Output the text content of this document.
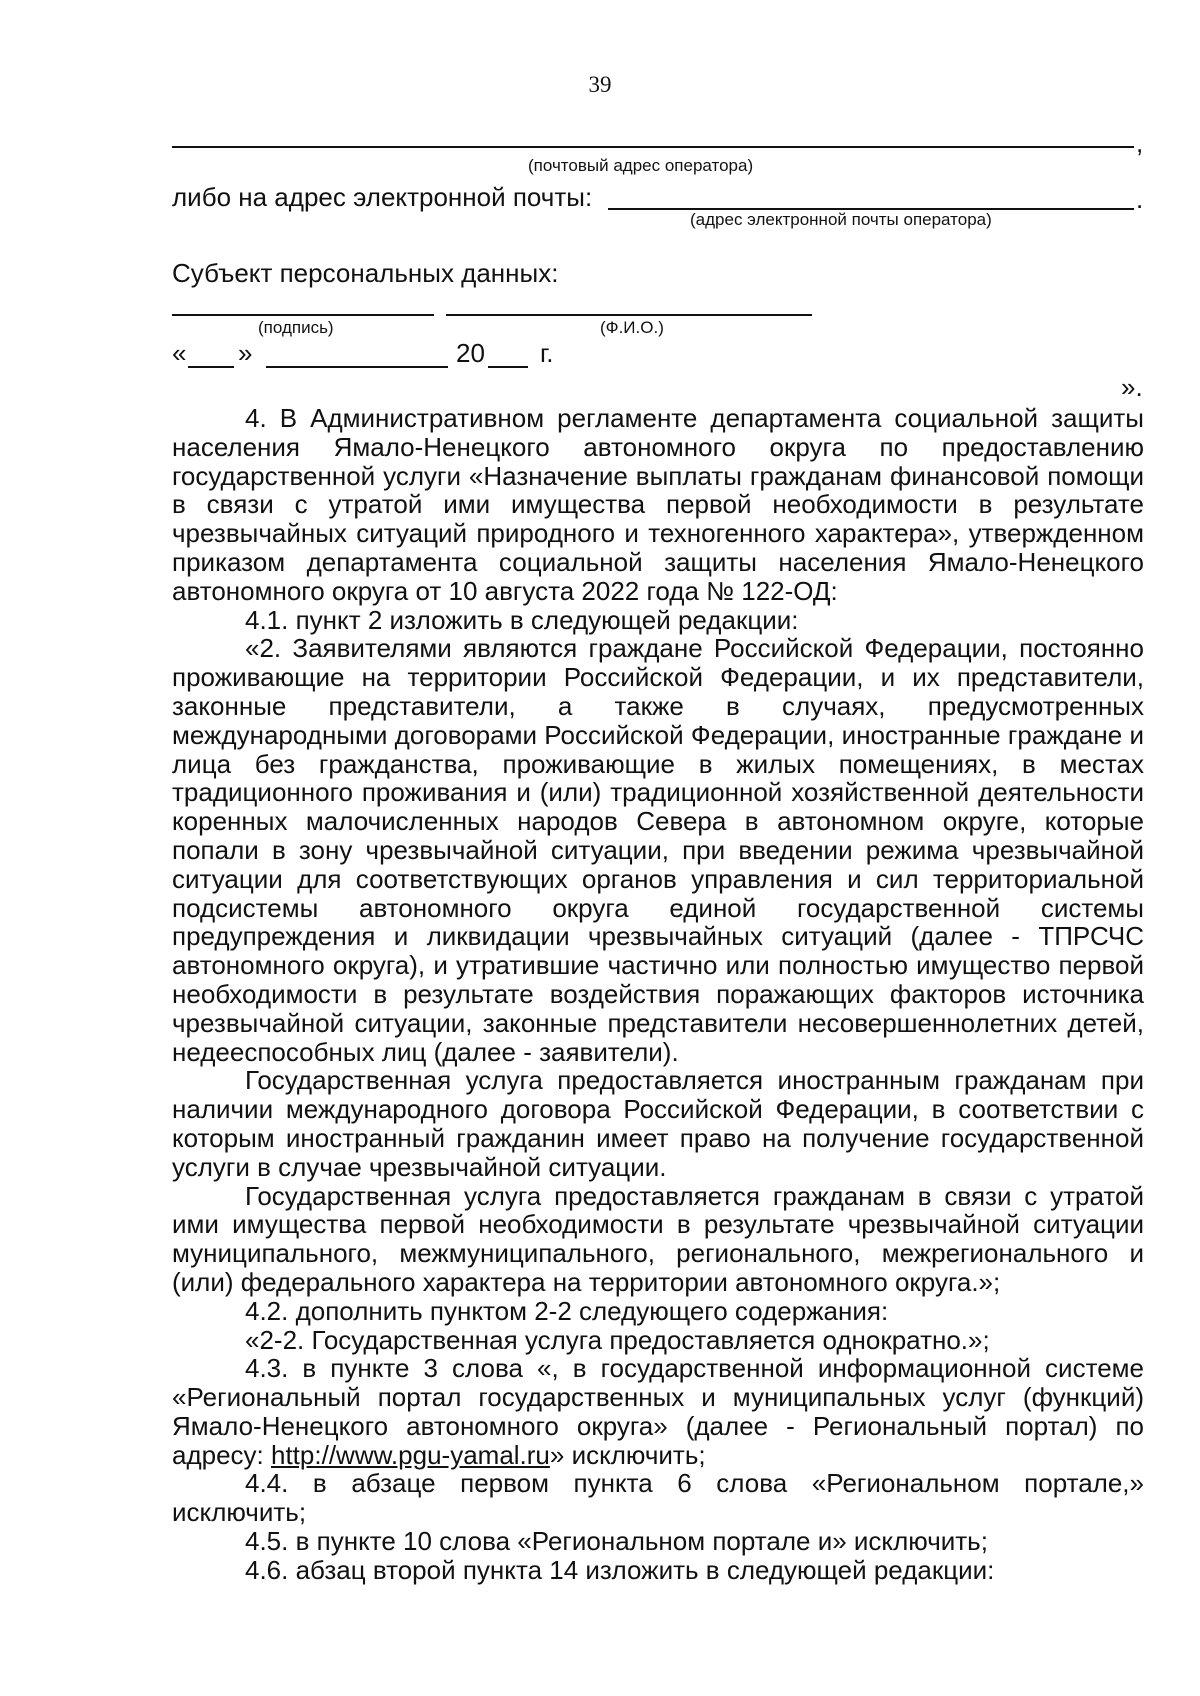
39
,
(почтовый адрес оператора)
либо на адрес электронной почты:	.
(адрес электронной почты оператора)
Субъект персональных данных:
(подпись)	(Ф.И.О.)
« »	20 г.
».

4. В Административном регламенте департамента социальной защиты населения Ямало-Ненецкого автономного округа по предоставлению государственной услуги «Назначение выплаты гражданам финансовой помощи в связи с утратой ими имущества первой необходимости в результате чрезвычайных ситуаций природного и техногенного характера», утвержденном приказом департамента социальной защиты населения Ямало-Ненецкого автономного округа от 10 августа 2022 года № 122-ОД:

4.1. пункт 2 изложить в следующей редакции:

«2. Заявителями являются граждане Российской Федерации, постоянно проживающие на территории Российской Федерации, и их представители, законные представители, а также в случаях, предусмотренных международными договорами Российской Федерации, иностранные граждане и лица без гражданства, проживающие в жилых помещениях, в местах традиционного проживания и (или) традиционной хозяйственной деятельности коренных малочисленных народов Севера в автономном округе, которые попали в зону чрезвычайной ситуации, при введении режима чрезвычайной ситуации для соответствующих органов управления и сил территориальной подсистемы автономного округа единой государственной системы предупреждения и ликвидации чрезвычайных ситуаций (далее - ТПРСЧС автономного округа), и утратившие частично или полностью имущество первой необходимости в результате воздействия поражающих факторов источника чрезвычайной ситуации, законные представители несовершеннолетних детей, недееспособных лиц (далее - заявители).

Государственная услуга предоставляется иностранным гражданам при наличии международного договора Российской Федерации, в соответствии с которым иностранный гражданин имеет право на получение государственной услуги в случае чрезвычайной ситуации.

Государственная услуга предоставляется гражданам в связи с утратой ими имущества первой необходимости в результате чрезвычайной ситуации муниципального, межмуниципального, регионального, межрегионального и (или) федерального характера на территории автономного округа.»;

4.2. дополнить пунктом 2-2 следующего содержания:

«2-2. Государственная услуга предоставляется однократно.»;

4.3. в пункте 3 слова «, в государственной информационной системе «Региональный портал государственных и муниципальных услуг (функций) Ямало-Ненецкого автономного округа» (далее - Региональный портал) по адресу: http://www.pgu-yamal.ru» исключить;

4.4. в абзаце первом пункта 6 слова «Региональном портале,» исключить;

4.5. в пункте 10 слова «Региональном портале и» исключить;

4.6. абзац второй пункта 14 изложить в следующей редакции:
